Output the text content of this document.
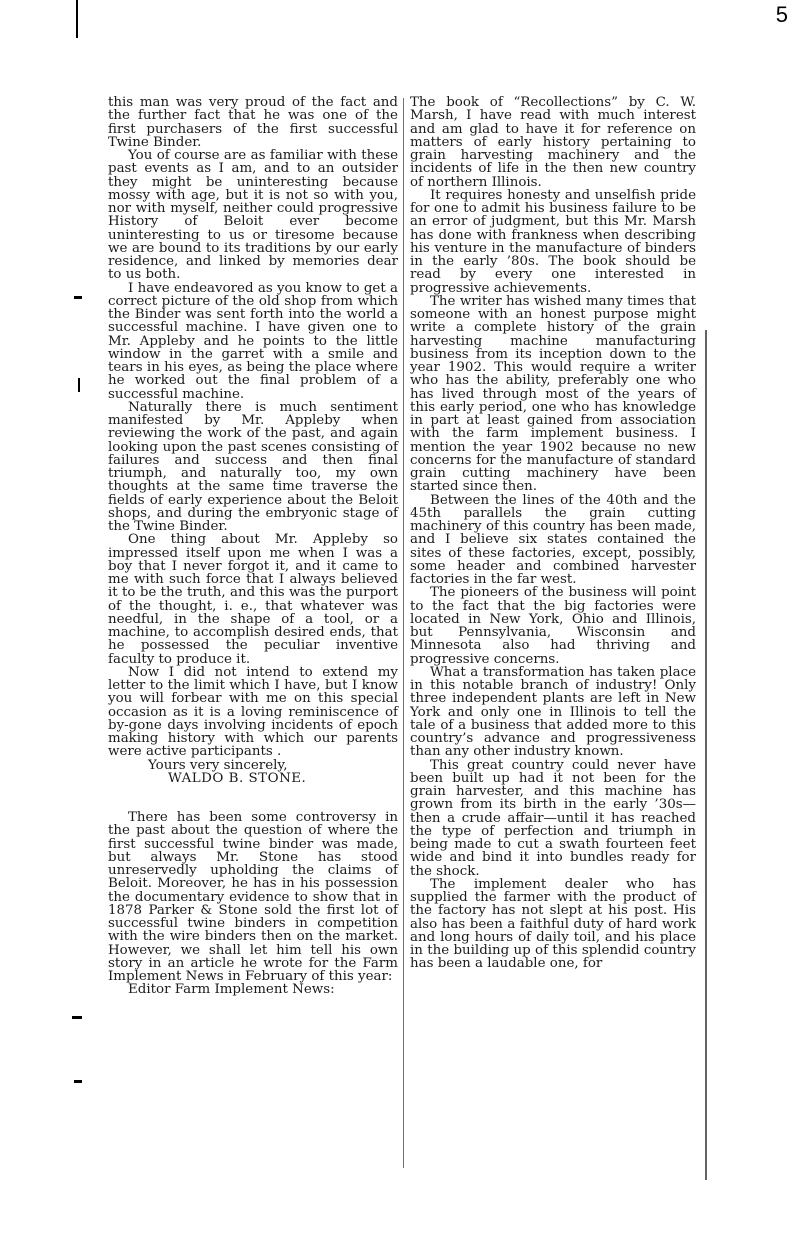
5

this man was very proud of the fact and the further fact that he was one of the first purchasers of the first successful Twine Binder.

You of course are as familiar with these past events as I am, and to an outsider they might be uninteresting because mossy with age, but it is not so with you, nor with myself, neither could progressive History of Beloit ever become uninteresting to us or tiresome because we are bound to its traditions by our early residence, and linked by memories dear to us both.

I have endeavored as you know to get a correct picture of the old shop from which the Binder was sent forth into the world a successful machine. I have given one to Mr. Appleby and he points to the little window in the garret with a smile and tears in his eyes, as being the place where he worked out the final problem of a successful machine.

Naturally there is much sentiment manifested by Mr. Appleby when reviewing the work of the past, and again looking upon the past scenes consisting of failures and success and then final triumph, and naturally too, my own thoughts at the same time traverse the fields of early experience about the Beloit shops, and during the embryonic stage of the Twine Binder.

One thing about Mr. Appleby so impressed itself upon me when I was a boy that I never forgot it, and it came to me with such force that I always believed it to be the truth, and this was the purport of the thought, i. e., that whatever was needful, in the shape of a tool, or a machine, to accomplish desired ends, that he possessed the peculiar inventive faculty to produce it.

Now I did not intend to extend my letter to the limit which I have, but I know you will forbear with me on this special occasion as it is a loving reminiscence of by-gone days involving incidents of epoch making history with which our parents were active participants .

Yours very sincerely,

WALDO B. STONE.

There has been some controversy in the past about the question of where the first successful twine binder was made, but always Mr. Stone has stood unreservedly upholding the claims of Beloit. Moreover, he has in his possession the documentary evidence to show that in 1878 Parker & Stone sold the first lot of successful twine binders in competition with the wire binders then on the market. However, we shall let him tell his own story in an article he wrote for the Farm Implement News in February of this year:

Editor Farm Implement News:

The book of “Recollections” by C. W. Marsh, I have read with much interest and am glad to have it for reference on matters of early history pertaining to grain harvesting machinery and the incidents of life in the then new country of northern Illinois.

It requires honesty and unselfish pride for one to admit his business failure to be an error of judgment, but this Mr. Marsh has done with frankness when describing his venture in the manufacture of binders in the early ’80s. The book should be read by every one interested in progressive achievements.

The writer has wished many times that someone with an honest purpose might write a complete history of the grain harvesting machine manufacturing business from its inception down to the year 1902. This would require a writer who has the ability, preferably one who has lived through most of the years of this early period, one who has knowledge in part at least gained from association with the farm implement business. I mention the year 1902 because no new concerns for the manufacture of standard grain cutting machinery have been started since then.

Between the lines of the 40th and the 45th parallels the grain cutting machinery of this country has been made, and I believe six states contained the sites of these factories, except, possibly, some header and combined harvester factories in the far west.

The pioneers of the business will point to the fact that the big factories were located in New York, Ohio and Illinois, but Pennsylvania, Wisconsin and Minnesota also had thriving and progressive concerns.

What a transformation has taken place in this notable branch of industry! Only three independent plants are left in New York and only one in Illinois to tell the tale of a business that added more to this country’s advance and progressiveness than any other industry known.

This great country could never have been built up had it not been for the grain harvester, and this machine has grown from its birth in the early ’30s—then a crude affair—until it has reached the type of perfection and triumph in being made to cut a swath fourteen feet wide and bind it into bundles ready for the shock.

The implement dealer who has supplied the farmer with the product of the factory has not slept at his post. His also has been a faithful duty of hard work and long hours of daily toil, and his place in the building up of this splendid country has been a laudable one, for
